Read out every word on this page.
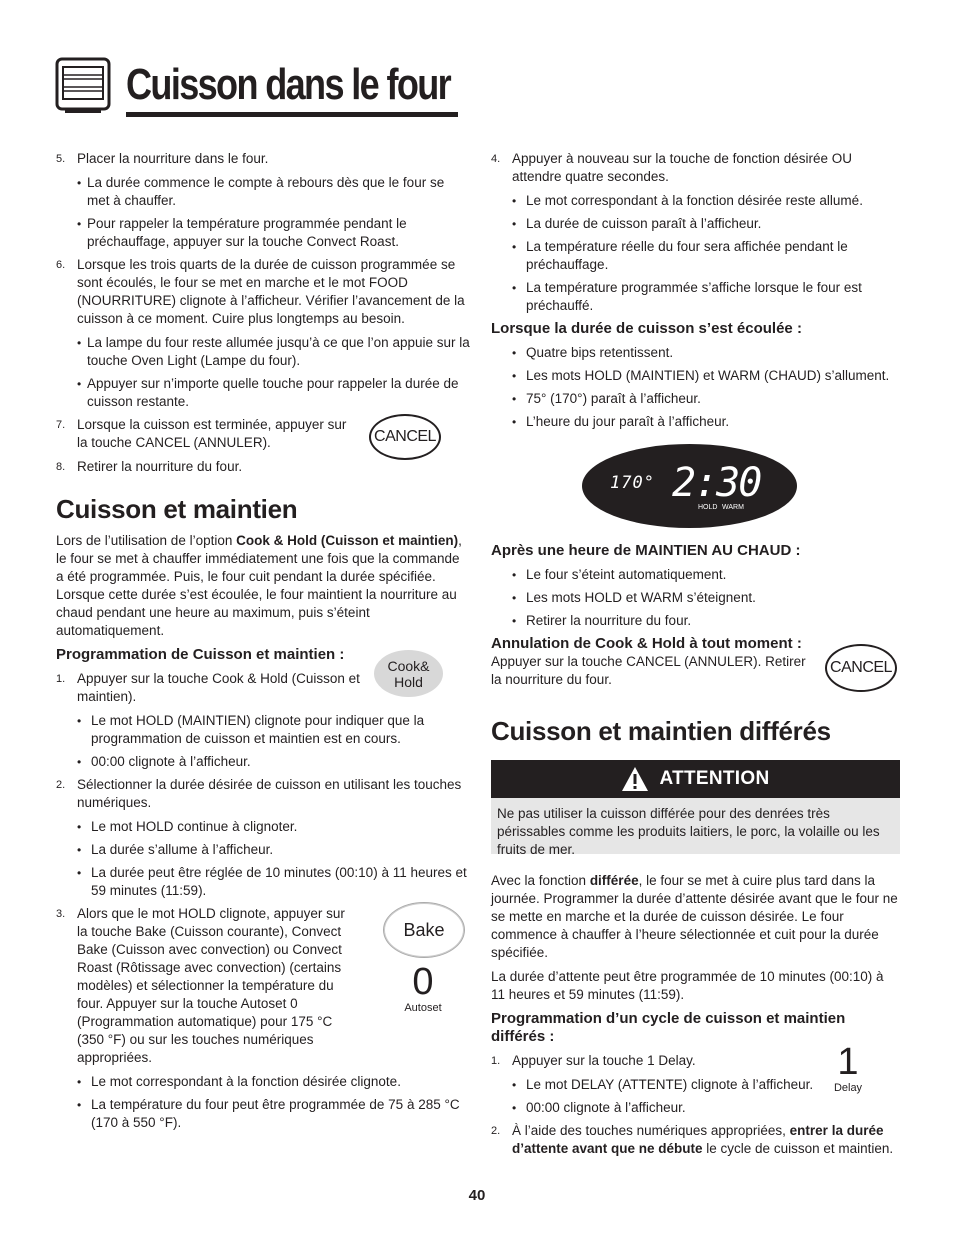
Cuisson dans le four
5. Placer la nourriture dans le four.
• La durée commence le compte à rebours dès que le four se met à chauffer.
• Pour rappeler la température programmée pendant le préchauffage, appuyer sur la touche Convect Roast.
6. Lorsque les trois quarts de la durée de cuisson programmée se sont écoulés, le four se met en marche et le mot FOOD (NOURRITURE) clignote à l’afficheur. Vérifier l’avancement de la cuisson à ce moment. Cuire plus longtemps au besoin.
• La lampe du four reste allumée jusqu’à ce que l’on appuie sur la touche Oven Light (Lampe du four).
• Appuyer sur n’importe quelle touche pour rappeler la durée de cuisson restante.
7. Lorsque la cuisson est terminée, appuyer sur la touche CANCEL (ANNULER).
8. Retirer la nourriture du four.
Cuisson et maintien
Lors de l’utilisation de l’option Cook & Hold (Cuisson et maintien), le four se met à chauffer immédiatement une fois que la commande a été programmée. Puis, le four cuit pendant la durée spécifiée. Lorsque cette durée s’est écoulée, le four maintient la nourriture au chaud pendant une heure au maximum, puis s’éteint automatiquement.
Programmation de Cuisson et maintien :
1. Appuyer sur la touche Cook & Hold (Cuisson et maintien).
• Le mot HOLD (MAINTIEN) clignote pour indiquer que la programmation de cuisson et maintien est en cours.
• 00:00 clignote à l’afficheur.
2. Sélectionner la durée désirée de cuisson en utilisant les touches numériques.
• Le mot HOLD continue à clignoter.
• La durée s’allume à l’afficheur.
• La durée peut être réglée de 10 minutes (00:10) à 11 heures et 59 minutes (11:59).
3. Alors que le mot HOLD clignote, appuyer sur la touche Bake (Cuisson courante), Convect Bake (Cuisson avec convection) ou Convect Roast (Rôtissage avec convection) (certains modèles) et sélectionner la température du four. Appuyer sur la touche Autoset 0 (Programmation automatique) pour 175 °C (350 °F) ou sur les touches numériques appropriées.
• Le mot correspondant à la fonction désirée clignote.
• La température du four peut être programmée de 75 à 285 °C (170 à 550 °F).
CANCEL
Cook&
Hold
Bake
0
Autoset
4. Appuyer à nouveau sur la touche de fonction désirée OU attendre quatre secondes.
• Le mot correspondant à la fonction désirée reste allumé.
• La durée de cuisson paraît à l’afficheur.
• La température réelle du four sera affichée pendant le préchauffage.
• La température programmée s’affiche lorsque le four est préchauffé.
Lorsque la durée de cuisson s’est écoulée :
• Quatre bips retentissent.
• Les mots HOLD (MAINTIEN) et WARM (CHAUD) s’allument.
• 75° (170°) paraît à l’afficheur.
• L’heure du jour paraît à l’afficheur.
170° 2:30
HOLD WARM
Après une heure de MAINTIEN AU CHAUD :
• Le four s’éteint automatiquement.
• Les mots HOLD et WARM s’éteignent.
• Retirer la nourriture du four.
Annulation de Cook & Hold à tout moment :
Appuyer sur la touche CANCEL (ANNULER). Retirer la nourriture du four.
CANCEL
Cuisson et maintien différés
ATTENTION
Ne pas utiliser la cuisson différée pour des denrées très périssables comme les produits laitiers, le porc, la volaille ou les fruits de mer.
Avec la fonction différée, le four se met à cuire plus tard dans la journée. Programmer la durée d’attente désirée avant que le four ne se mette en marche et la durée de cuisson désirée. Le four commence à chauffer à l’heure sélectionnée et cuit pour la durée spécifiée.
La durée d’attente peut être programmée de 10 minutes (00:10) à 11 heures et 59 minutes (11:59).
Programmation d’un cycle de cuisson et maintien différés :
1. Appuyer sur la touche 1 Delay.
• Le mot DELAY (ATTENTE) clignote à l’afficheur.
• 00:00 clignote à l’afficheur.
2. À l’aide des touches numériques appropriées, entrer la durée d’attente avant que ne débute le cycle de cuisson et maintien.
1
Delay
40
